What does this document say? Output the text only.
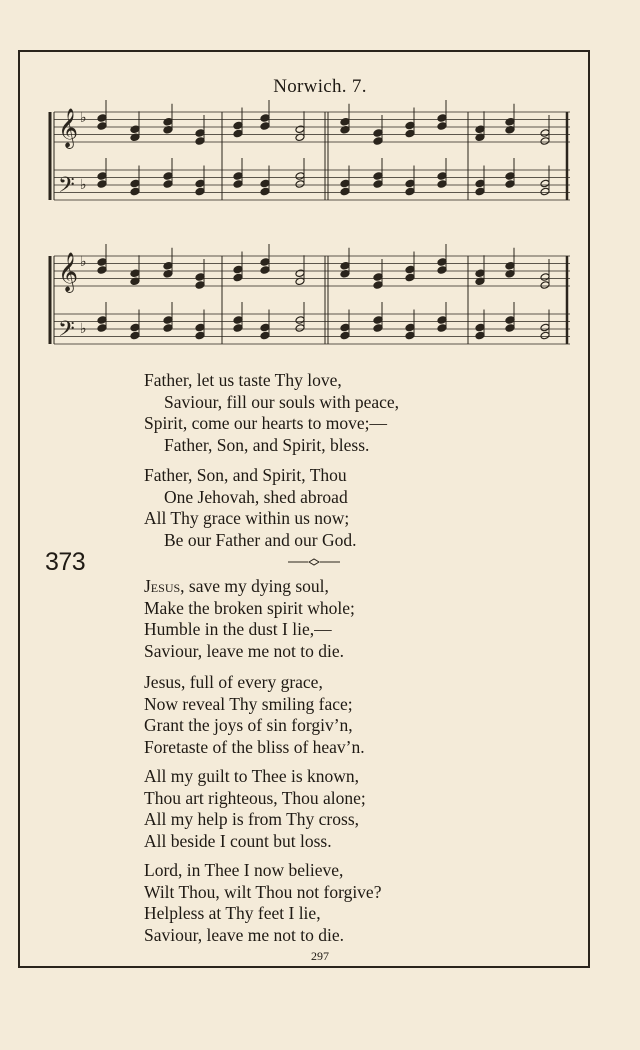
Norwich. 7.
𝄞
𝄢
♭
♭
𝄞
𝄢
♭
♭
Father, let us taste Thy love,
Saviour, fill our souls with peace,
Spirit, come our hearts to move;—
Father, Son, and Spirit, bless.
Father, Son, and Spirit, Thou
One Jehovah, shed abroad
All Thy grace within us now;
Be our Father and our God.
373
Jesus, save my dying soul,
Make the broken spirit whole;
Humble in the dust I lie,—
Saviour, leave me not to die.
Jesus, full of every grace,
Now reveal Thy smiling face;
Grant the joys of sin forgiv’n,
Foretaste of the bliss of heav’n.
All my guilt to Thee is known,
Thou art righteous, Thou alone;
All my help is from Thy cross,
All beside I count but loss.
Lord, in Thee I now believe,
Wilt Thou, wilt Thou not forgive?
Helpless at Thy feet I lie,
Saviour, leave me not to die.
297
